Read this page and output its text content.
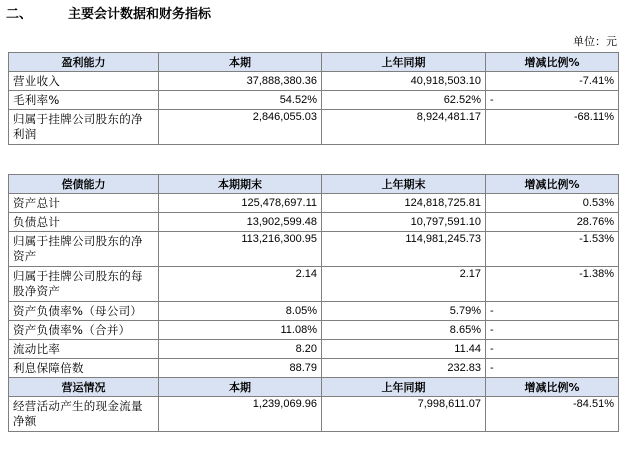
二、	主要会计数据和财务指标
单位：元
盈利能力	本期	上年同期	增减比例%
营业收入	37,888,380.36	40,918,503.10	-7.41%
毛利率%	54.52%	62.52%	-
归属于挂牌公司股东的净利润	2,846,055.03	8,924,481.17	-68.11%
偿债能力	本期期末	上年期末	增减比例%
资产总计	125,478,697.11	124,818,725.81	0.53%
负债总计	13,902,599.48	10,797,591.10	28.76%
归属于挂牌公司股东的净资产	113,216,300.95	114,981,245.73	-1.53%
归属于挂牌公司股东的每股净资产	2.14	2.17	-1.38%
资产负债率%（母公司）	8.05%	5.79%	-
资产负债率%（合并）	11.08%	8.65%	-
流动比率	8.20	11.44	-
利息保障倍数	88.79	232.83	-
营运情况	本期	上年同期	增减比例%
经营活动产生的现金流量净额	1,239,069.96	7,998,611.07	-84.51%
